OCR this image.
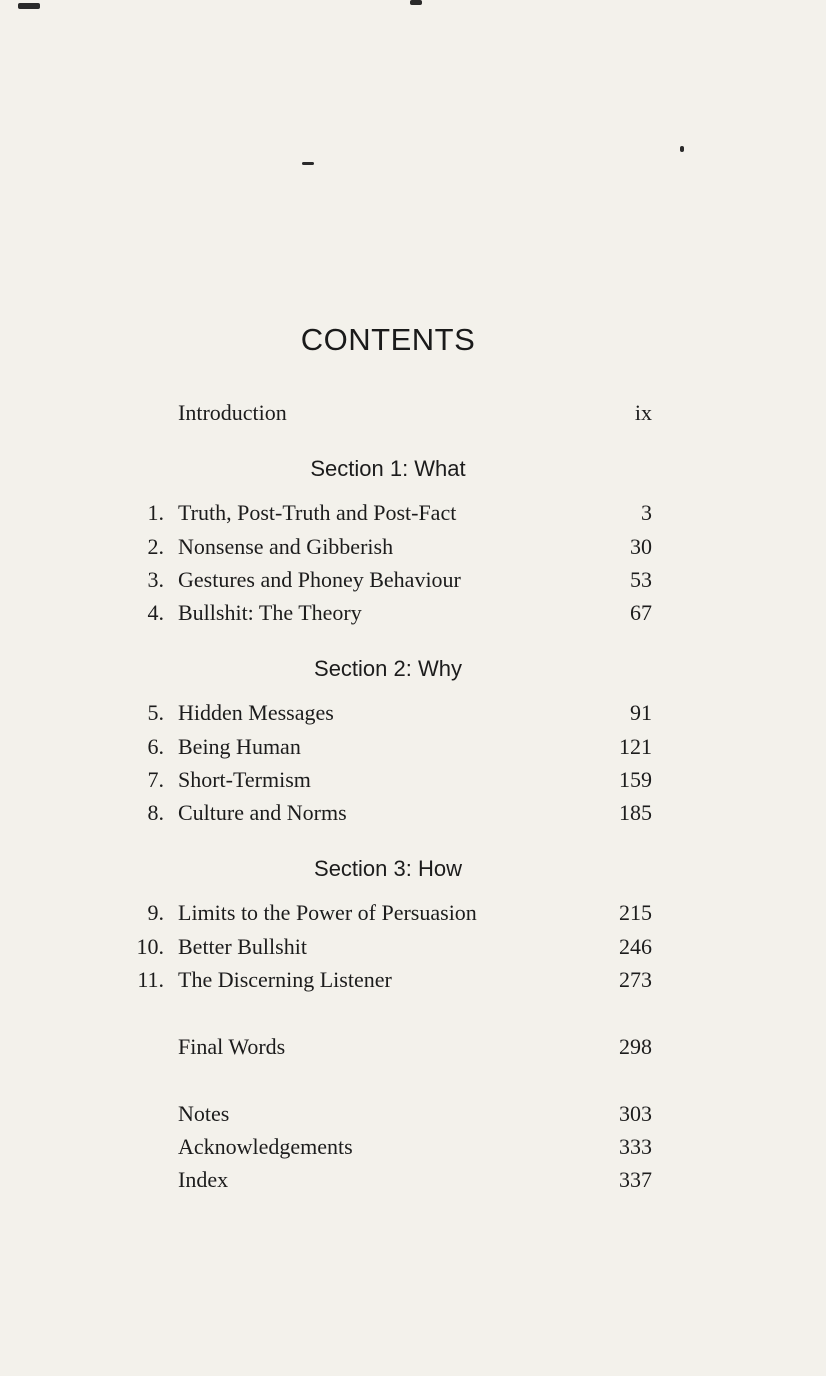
CONTENTS
Introduction	ix
Section 1: What
1. Truth, Post-Truth and Post-Fact	3
2. Nonsense and Gibberish	30
3. Gestures and Phoney Behaviour	53
4. Bullshit: The Theory	67
Section 2: Why
5. Hidden Messages	91
6. Being Human	121
7. Short-Termism	159
8. Culture and Norms	185
Section 3: How
9. Limits to the Power of Persuasion	215
10. Better Bullshit	246
11. The Discerning Listener	273
Final Words	298
Notes	303
Acknowledgements	333
Index	337
